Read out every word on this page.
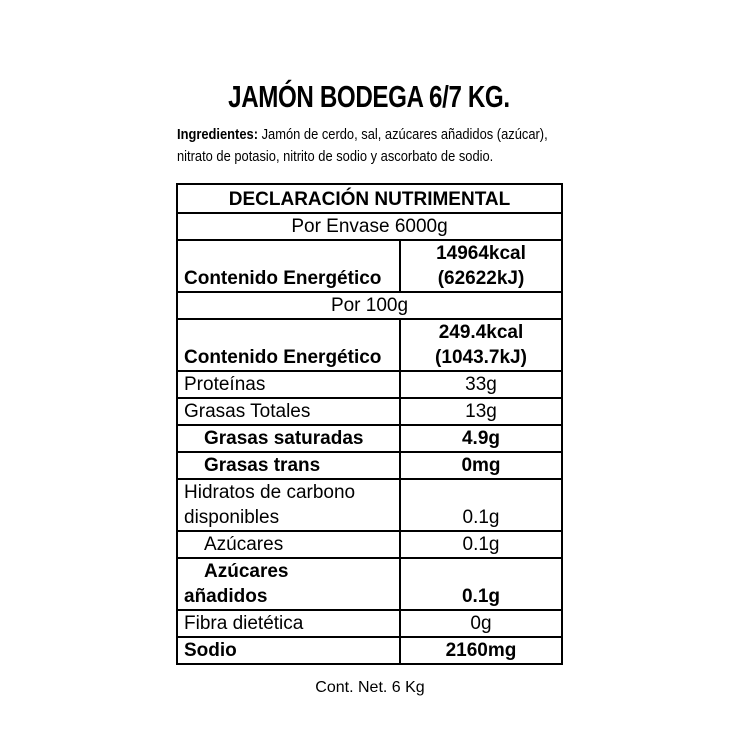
JAMÓN BODEGA 6/7 KG.
Ingredientes: Jamón de cerdo, sal, azúcares añadidos (azúcar),
nitrato de potasio, nitrito de sodio y ascorbato de sodio.
DECLARACIÓN NUTRIMENTAL	
Por Envase 6000g	
Contenido Energético	14964kcal
(62622kJ)
Por 100g	
Contenido Energético	249.4kcal
(1043.7kJ)
Proteínas	33g
Grasas Totales	13g
Grasas saturadas	4.9g
Grasas trans	0mg
Hidratos de carbono disponibles	0.1g
Azúcares	0.1g
Azúcares añadidos	0.1g
Fibra dietética	0g
Sodio	2160mg
Cont. Net. 6 Kg
